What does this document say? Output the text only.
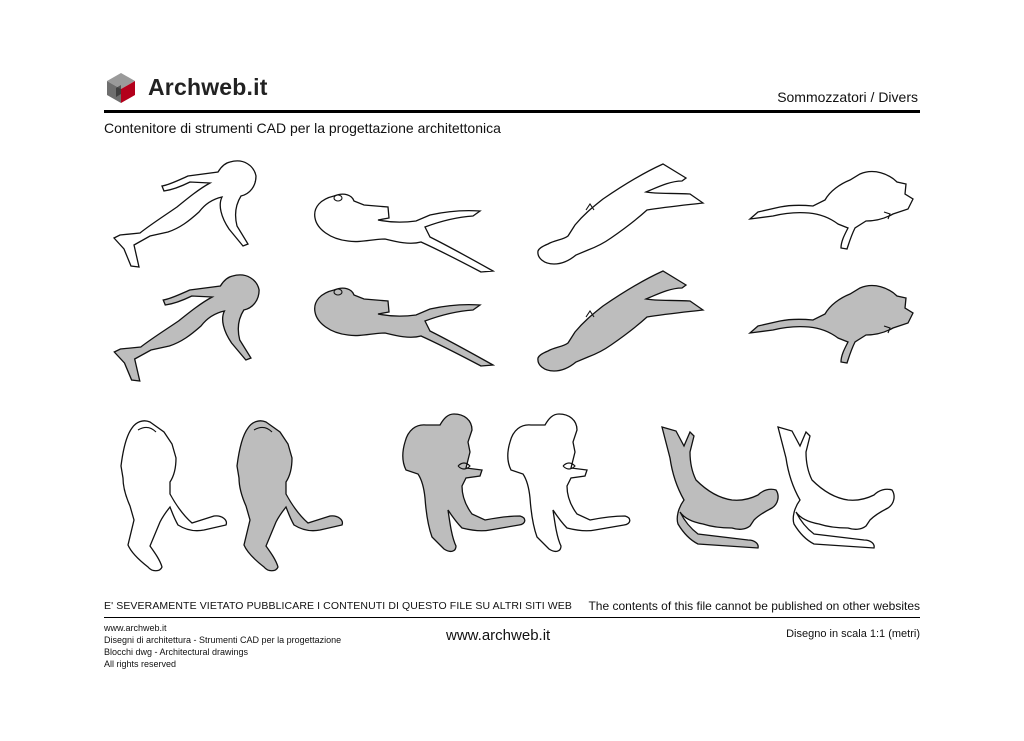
Archweb.it	Sommozzatori / Divers
Contenitore di strumenti CAD per la progettazione architettonica
E' SEVERAMENTE VIETATO PUBBLICARE I CONTENUTI DI QUESTO FILE SU ALTRI SITI WEB The contents of this file cannot be published on other websites
www.archweb.it
Disegni di architettura - Strumenti CAD per la progettazione
Blocchi dwg - Architectural drawings
All rights reserved
www.archweb.it	Disegno in scala 1:1 (metri)
